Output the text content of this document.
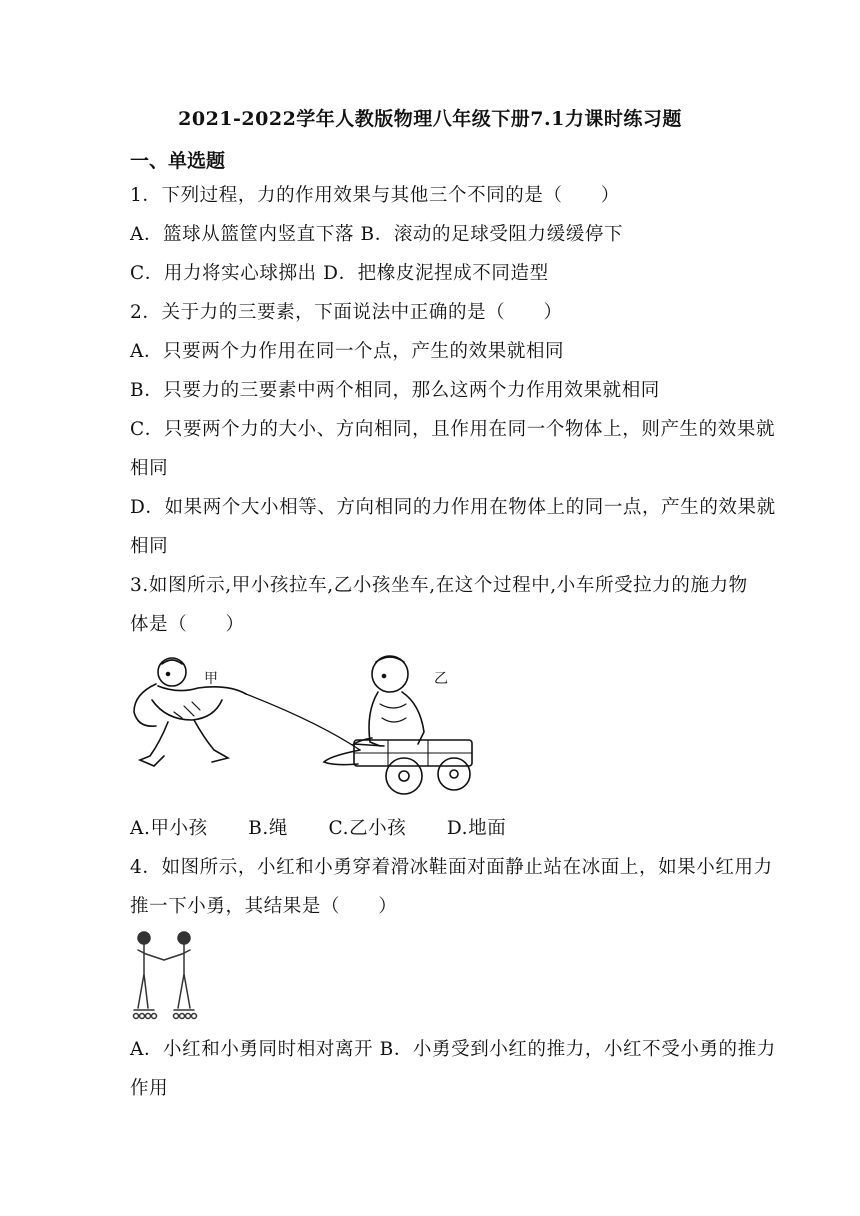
2021-2022学年人教版物理八年级下册7.1力课时练习题
一、单选题
1．下列过程，力的作用效果与其他三个不同的是（　　）
A．篮球从篮筐内竖直下落 B．滚动的足球受阻力缓缓停下
C．用力将实心球掷出 D．把橡皮泥捏成不同造型
2．关于力的三要素，下面说法中正确的是（　　）
A．只要两个力作用在同一个点，产生的效果就相同
B．只要力的三要素中两个相同，那么这两个力作用效果就相同
C．只要两个力的大小、方向相同，且作用在同一个物体上，则产生的效果就
相同
D．如果两个大小相等、方向相同的力作用在物体上的同一点，产生的效果就
相同
3.如图所示,甲小孩拉车,乙小孩坐车,在这个过程中,小车所受拉力的施力物
体是（　　）
甲	乙
A.甲小孩 B.绳 C.乙小孩 D.地面
4．如图所示，小红和小勇穿着滑冰鞋面对面静止站在冰面上，如果小红用力
推一下小勇，其结果是（　　）
A．小红和小勇同时相对离开 B．小勇受到小红的推力，小红不受小勇的推力
作用
